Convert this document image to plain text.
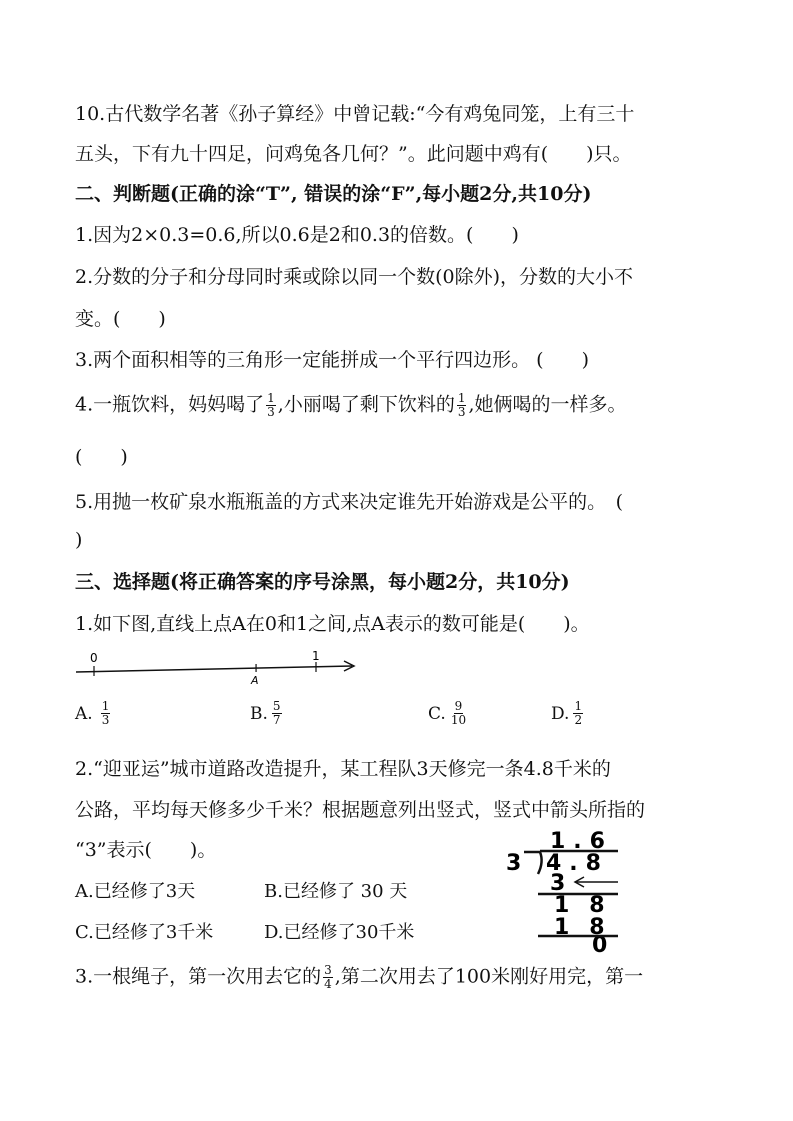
10.古代数学名著《孙子算经》中曾记载:“今有鸡兔同笼，上有三十
五头，下有九十四足，问鸡兔各几何？”。此问题中鸡有(　　)只。
二、判断题(正确的涂“T”, 错误的涂“F”,每小题2分,共10分)
1.因为2×0.3=0.6,所以0.6是2和0.3的倍数。(　　)
2.分数的分子和分母同时乘或除以同一个数(0除外)，分数的大小不
变。(　　)
3.两个面积相等的三角形一定能拼成一个平行四边形。 (　　)
4.一瓶饮料，妈妈喝了 $\frac{1}{3}$ ,小丽喝了剩下饮料的 $\frac{1}{3}$ ,她俩喝的一样多。
(　　)
5.用抛一枚矿泉水瓶瓶盖的方式来决定谁先开始游戏是公平的。　(
)
三、选择题(将正确答案的序号涂黑，每小题2分，共10分)
1.如下图,直线上点A在0和1之间,点A表示的数可能是(　　)。
0	1
A
A. $\frac{1}{3}$	B. $\frac{5}{7}$	C. $\frac{9}{10}$	D. $\frac{1}{2}$
2.“迎亚运”城市道路改造提升，某工程队3天修完一条4.8千米的
公路，平均每天修多少千米？根据题意列出竖式，竖式中箭头所指的
“3”表示(　　)。
A.已经修了3天	B.已经修了 30 天
C.已经修了3千米	D.已经修了30千米
1.6
3 4.8
3
18
18
0
3.一根绳子，第一次用去它的 $\frac{3}{4}$ ,第二次用去了100米刚好用完，第一
